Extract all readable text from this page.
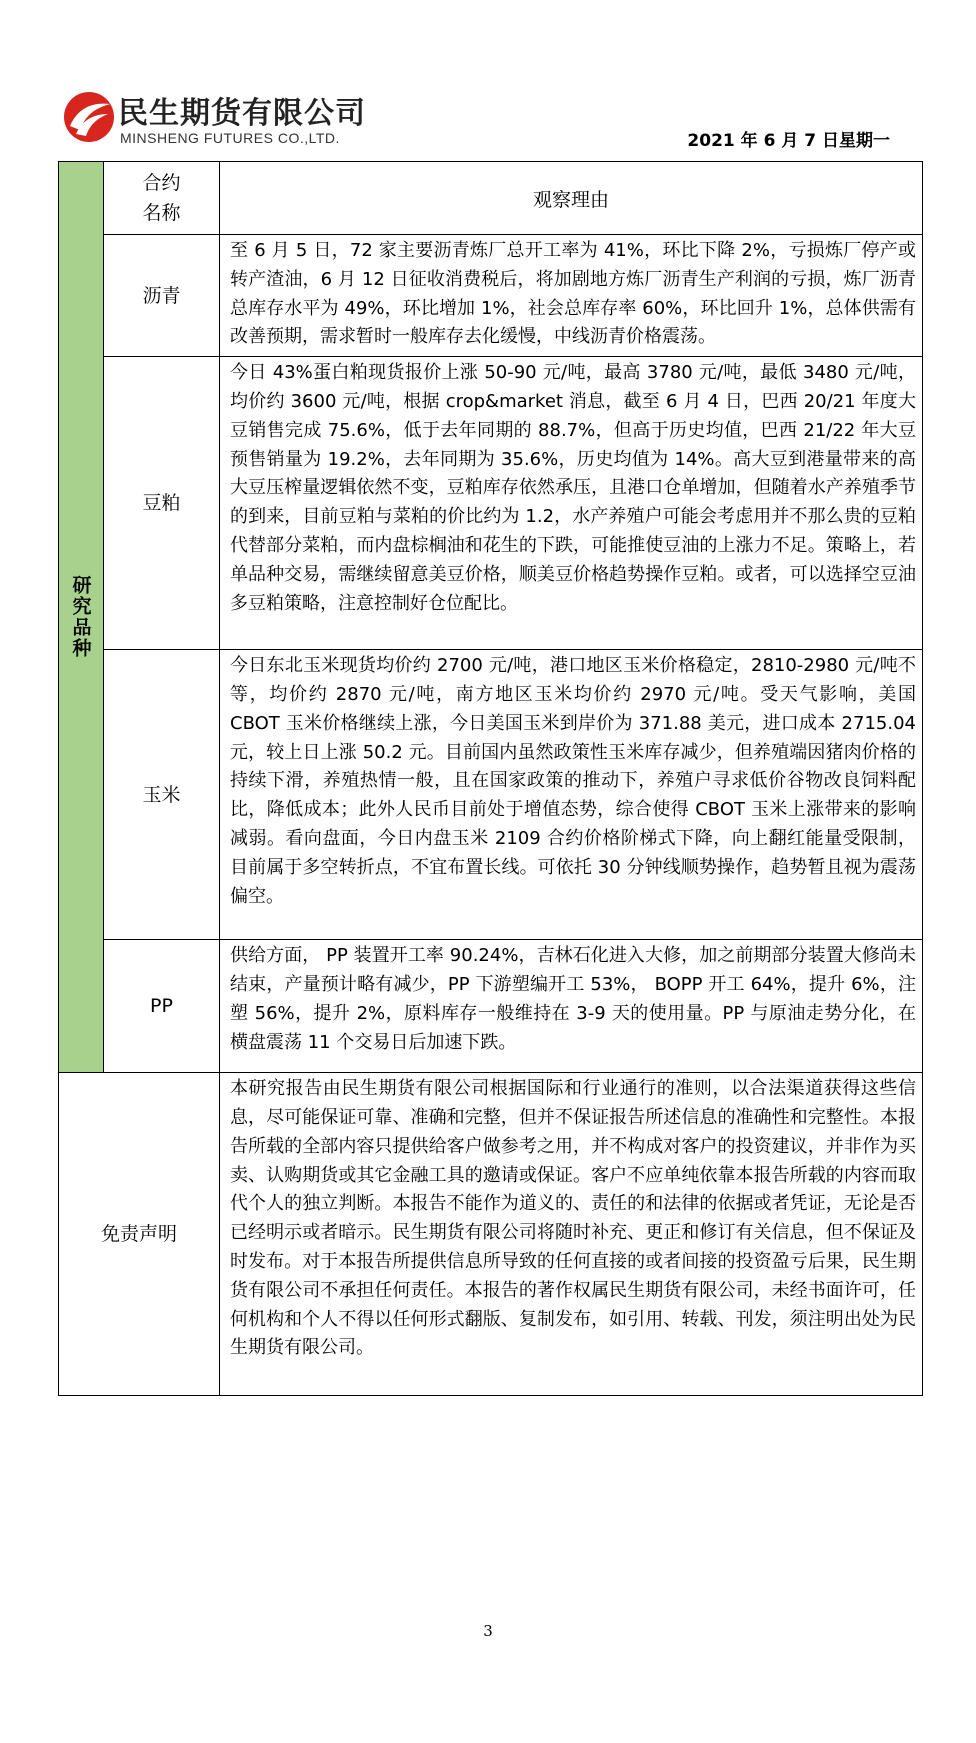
民生期货有限公司
MINSHENG FUTURES CO.,LTD.	2021 年 6 月 7 日星期一
研究品种	合约名称	观察理由
	沥青	至 6 月 5 日，72 家主要沥青炼厂总开工率为 41%，环比下降 2%，亏损炼厂停产或转产渣油，6 月 12 日征收消费税后，将加剧地方炼厂沥青生产利润的亏损，炼厂沥青总库存水平为 49%，环比增加 1%，社会总库存率 60%，环比回升 1%，总体供需有改善预期，需求暂时一般库存去化缓慢，中线沥青价格震荡。
	豆粕	今日 43%蛋白粕现货报价上涨 50-90 元/吨，最高 3780 元/吨，最低 3480 元/吨，均价约 3600 元/吨，根据 crop&market 消息，截至 6 月 4 日，巴西 20/21 年度大豆销售完成 75.6%，低于去年同期的 88.7%，但高于历史均值，巴西 21/22 年大豆预售销量为 19.2%，去年同期为 35.6%，历史均值为 14%。高大豆到港量带来的高大豆压榨量逻辑依然不变，豆粕库存依然承压，且港口仓单增加，但随着水产养殖季节的到来，目前豆粕与菜粕的价比约为 1.2，水产养殖户可能会考虑用并不那么贵的豆粕代替部分菜粕，而内盘棕榈油和花生的下跌，可能推使豆油的上涨力不足。策略上，若单品种交易，需继续留意美豆价格，顺美豆价格趋势操作豆粕。或者，可以选择空豆油多豆粕策略，注意控制好仓位配比。
	玉米	今日东北玉米现货均价约 2700 元/吨，港口地区玉米价格稳定，2810-2980 元/吨不等，均价约 2870 元/吨，南方地区玉米均价约 2970 元/吨。受天气影响，美国 CBOT 玉米价格继续上涨，今日美国玉米到岸价为 371.88 美元，进口成本 2715.04 元，较上日上涨 50.2 元。目前国内虽然政策性玉米库存减少，但养殖端因猪肉价格的持续下滑，养殖热情一般，且在国家政策的推动下，养殖户寻求低价谷物改良饲料配比，降低成本；此外人民币目前处于增值态势，综合使得 CBOT 玉米上涨带来的影响减弱。看向盘面，今日内盘玉米 2109 合约价格阶梯式下降，向上翻红能量受限制，目前属于多空转折点，不宜布置长线。可依托 30 分钟线顺势操作，趋势暂且视为震荡偏空。
	PP	供给方面， PP 装置开工率 90.24%，吉林石化进入大修，加之前期部分装置大修尚未结束，产量预计略有减少，PP 下游塑编开工 53%， BOPP 开工 64%，提升 6%，注塑 56%，提升 2%，原料库存一般维持在 3-9 天的使用量。PP 与原油走势分化，在横盘震荡 11 个交易日后加速下跌。
免责声明		本研究报告由民生期货有限公司根据国际和行业通行的准则，以合法渠道获得这些信息，尽可能保证可靠、准确和完整，但并不保证报告所述信息的准确性和完整性。本报告所载的全部内容只提供给客户做参考之用，并不构成对客户的投资建议，并非作为买卖、认购期货或其它金融工具的邀请或保证。客户不应单纯依靠本报告所载的内容而取代个人的独立判断。本报告不能作为道义的、责任的和法律的依据或者凭证，无论是否已经明示或者暗示。民生期货有限公司将随时补充、更正和修订有关信息，但不保证及时发布。对于本报告所提供信息所导致的任何直接的或者间接的投资盈亏后果，民生期货有限公司不承担任何责任。本报告的著作权属民生期货有限公司，未经书面许可，任何机构和个人不得以任何形式翻版、复制发布，如引用、转载、刊发，须注明出处为民生期货有限公司。
3
